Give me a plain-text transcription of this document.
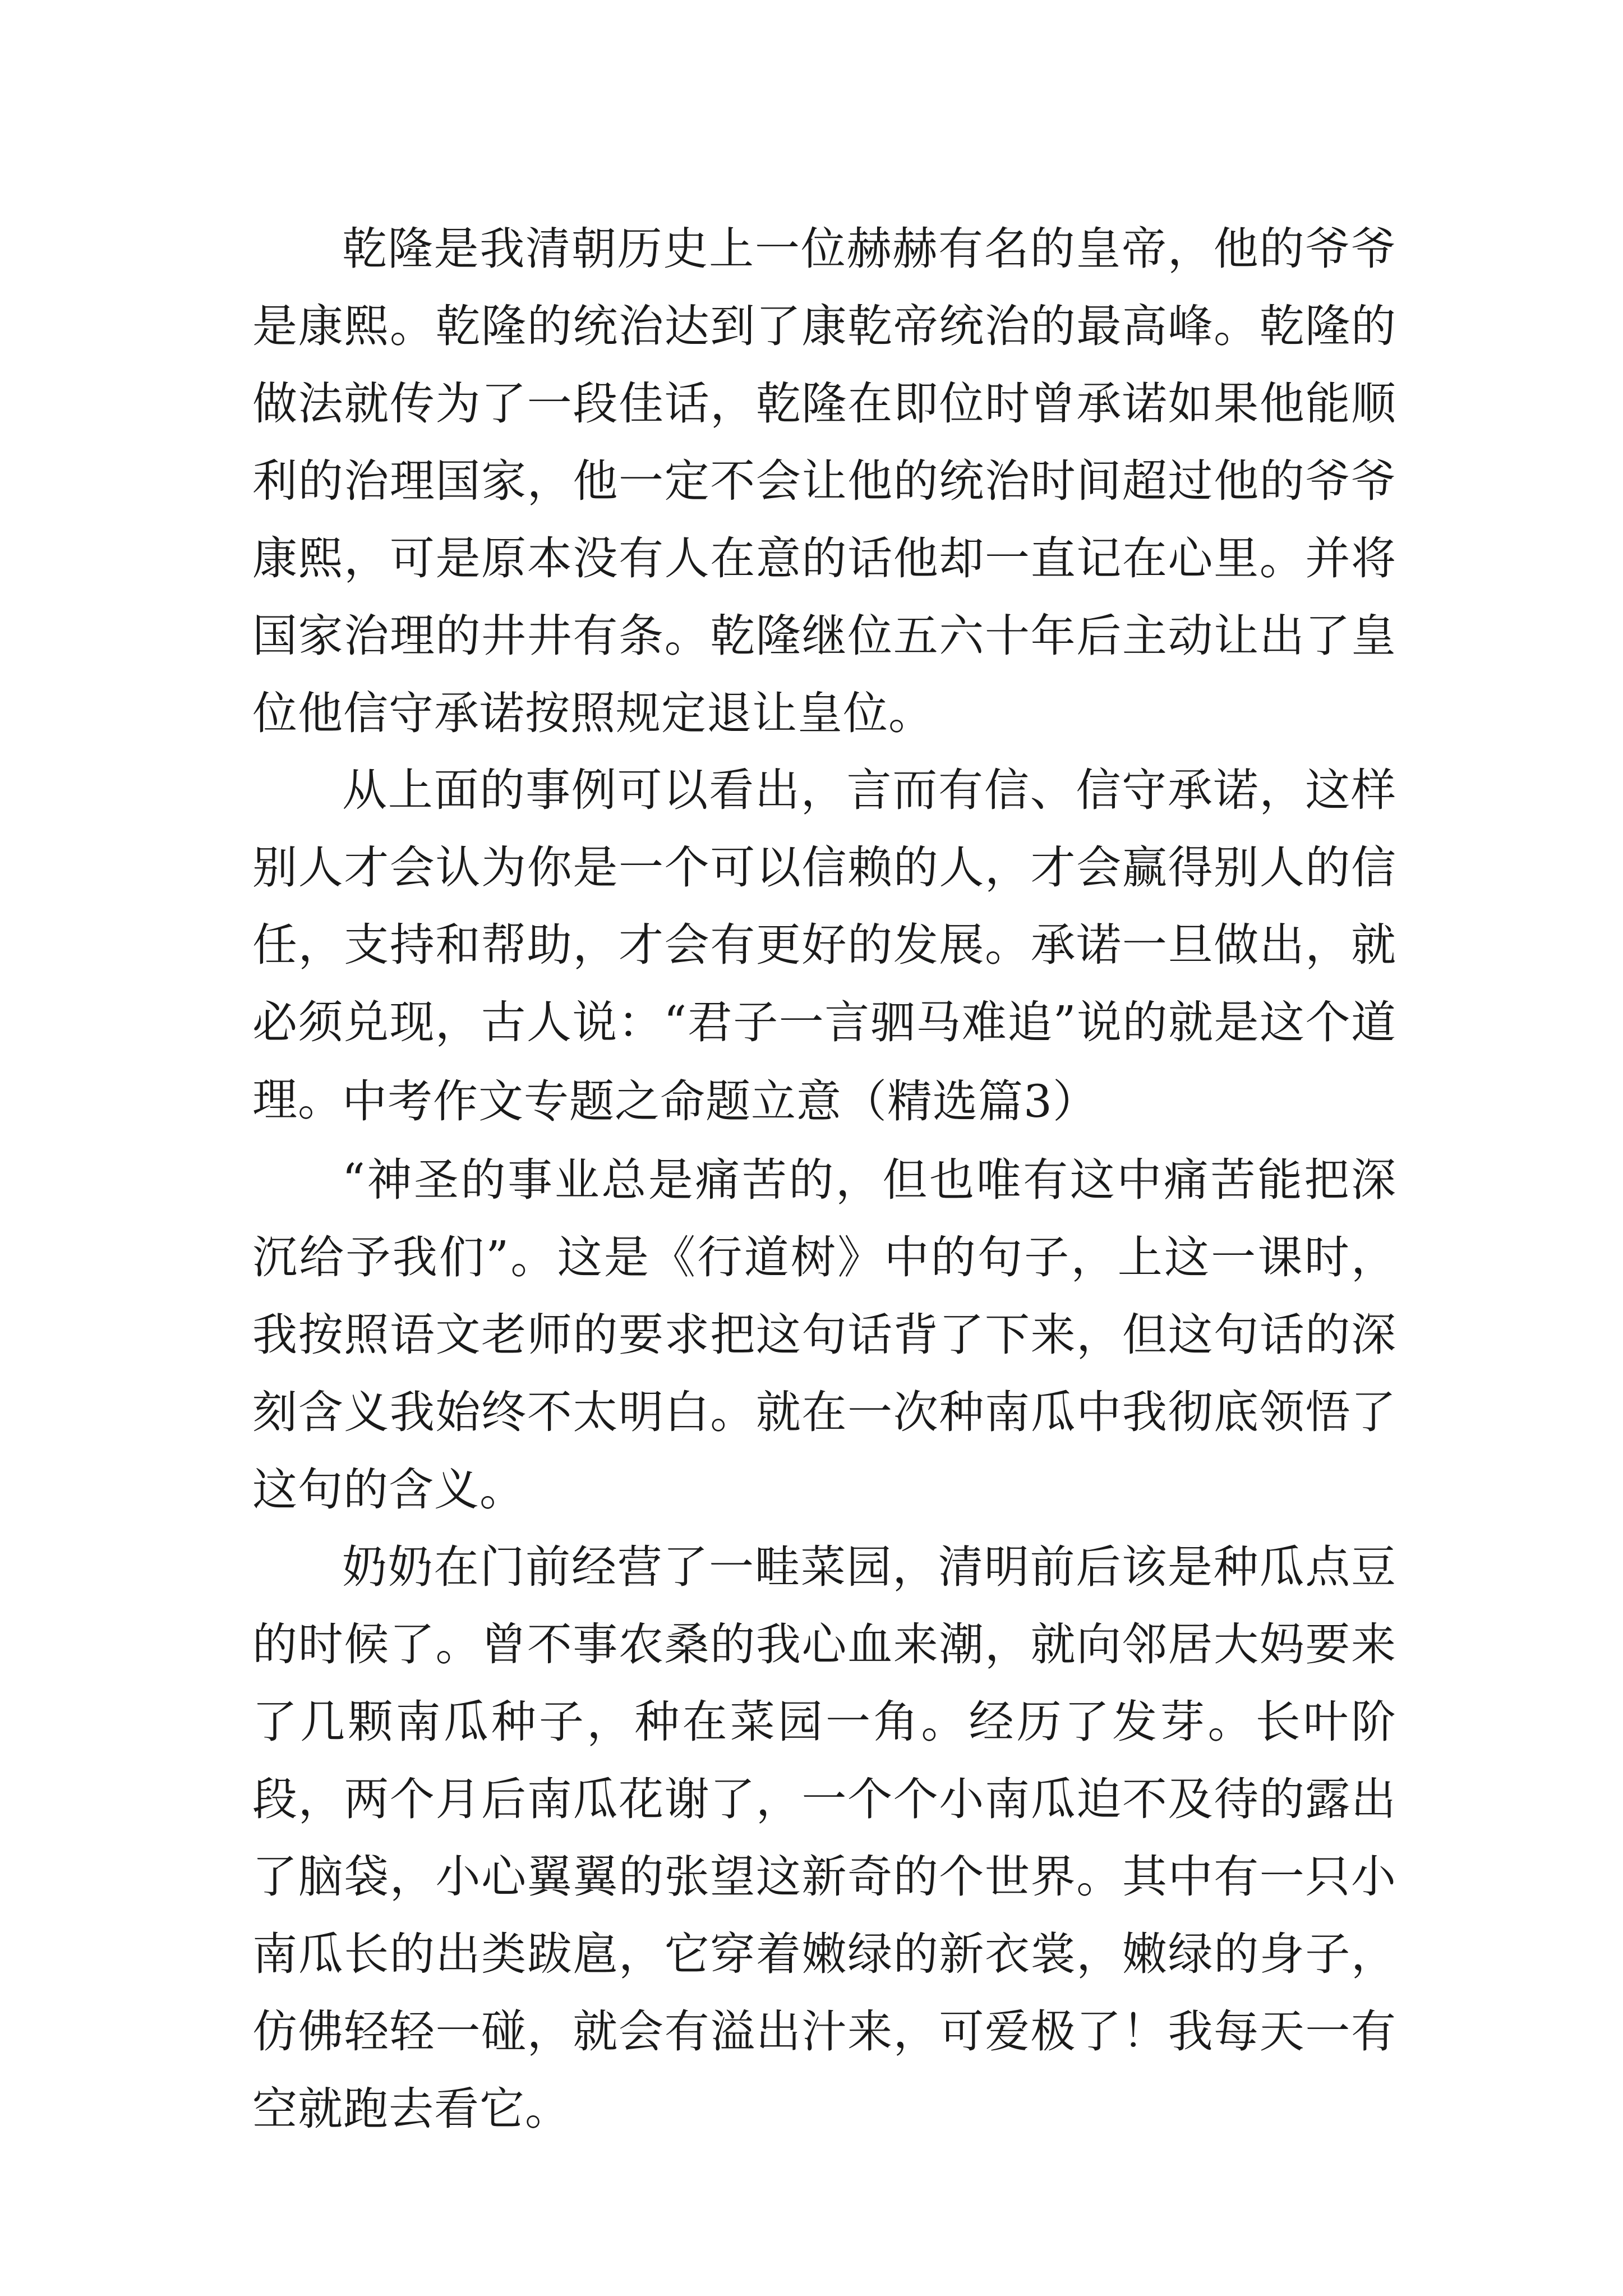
乾隆是我清朝历史上一位赫赫有名的皇帝，他的爷爷是康熙。乾隆的统治达到了康乾帝统治的最高峰。乾隆的做法就传为了一段佳话，乾隆在即位时曾承诺如果他能顺利的治理国家，他一定不会让他的统治时间超过他的爷爷康熙，可是原本没有人在意的话他却一直记在心里。并将国家治理的井井有条。乾隆继位五六十年后主动让出了皇位他信守承诺按照规定退让皇位。

从上面的事例可以看出，言而有信、信守承诺，这样别人才会认为你是一个可以信赖的人，才会赢得别人的信任，支持和帮助，才会有更好的发展。承诺一旦做出，就必须兑现，古人说：“君子一言驷马难追”说的就是这个道理。

中考作文专题之命题立意（精选篇3）

“神圣的事业总是痛苦的，但也唯有这中痛苦能把深沉给予我们”。这是《行道树》中的句子，上这一课时，我按照语文老师的要求把这句话背了下来，但这句话的深刻含义我始终不太明白。就在一次种南瓜中我彻底领悟了这句的含义。

奶奶在门前经营了一畦菜园，清明前后该是种瓜点豆的时候了。曾不事农桑的我心血来潮，就向邻居大妈要来了几颗南瓜种子，种在菜园一角。经历了发芽。长叶阶段，两个月后南瓜花谢了，一个个小南瓜迫不及待的露出了脑袋，小心翼翼的张望这新奇的个世界。其中有一只小南瓜长的出类跋扈，它穿着嫩绿的新衣裳，嫩绿的身子，仿佛轻轻一碰，就会有溢出汁来，可爱极了！我每天一有空就跑去看它。
